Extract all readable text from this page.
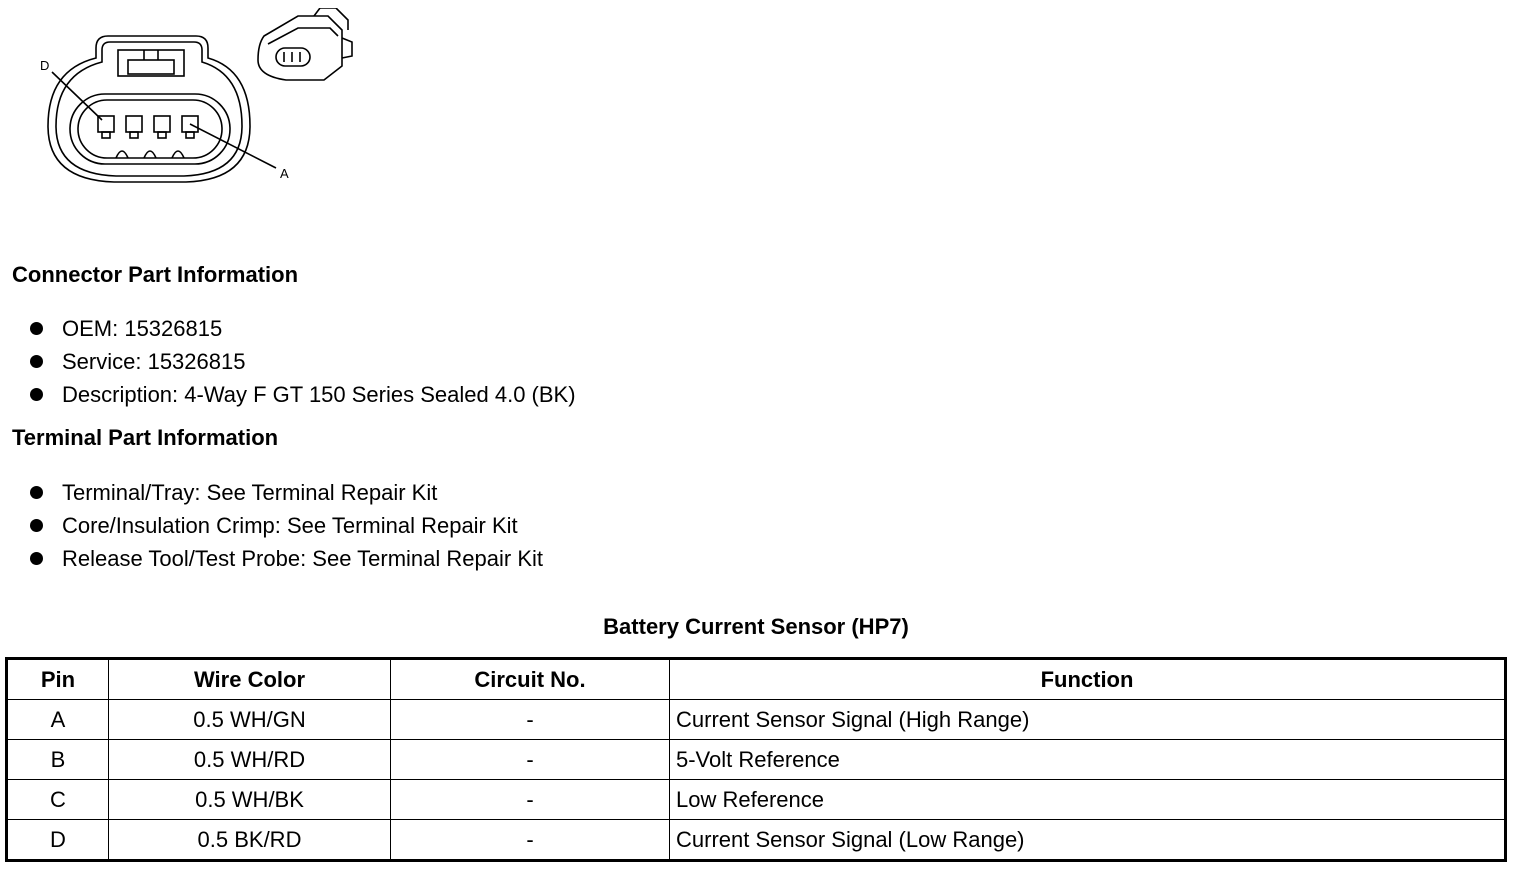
D
A
Connector Part Information
OEM: 15326815
Service: 15326815
Description: 4-Way F GT 150 Series Sealed 4.0 (BK)
Terminal Part Information
Terminal/Tray: See Terminal Repair Kit
Core/Insulation Crimp: See Terminal Repair Kit
Release Tool/Test Probe: See Terminal Repair Kit
Battery Current Sensor (HP7)
Pin	Wire Color	Circuit No.	Function
A	0.5 WH/GN	-	Current Sensor Signal (High Range)
B	0.5 WH/RD	-	5-Volt Reference
C	0.5 WH/BK	-	Low Reference
D	0.5 BK/RD	-	Current Sensor Signal (Low Range)
